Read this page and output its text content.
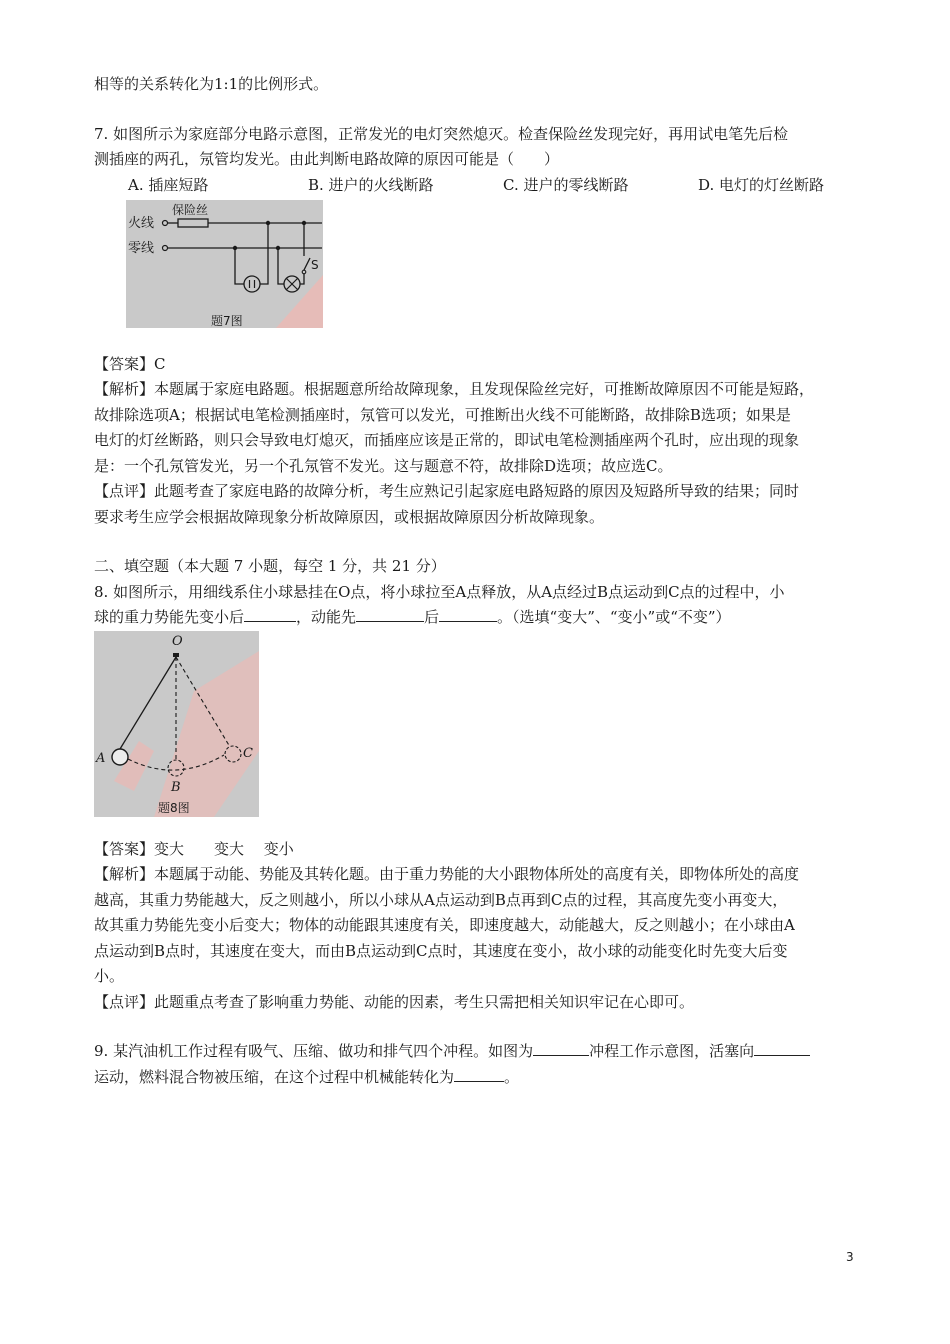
相等的关系转化为1:1的比例形式。

7. 如图所示为家庭部分电路示意图，正常发光的电灯突然熄灭。检查保险丝发现完好，再用试电笔先后检

测插座的两孔，氖管均发光。由此判断电路故障的原因可能是（　　）

A. 插座短路	B. 进户的火线断路	C. 进户的零线断路	D. 电灯的灯丝断路
火线
零线
保险丝
S
题7图

【答案】C

【解析】本题属于家庭电路题。根据题意所给故障现象，且发现保险丝完好，可推断故障原因不可能是短路，

故排除选项A；根据试电笔检测插座时，氖管可以发光，可推断出火线不可能断路，故排除B选项；如果是

电灯的灯丝断路，则只会导致电灯熄灭，而插座应该是正常的，即试电笔检测插座两个孔时，应出现的现象

是：一个孔氖管发光，另一个孔氖管不发光。这与题意不符，故排除D选项；故应选C。

【点评】此题考查了家庭电路的故障分析，考生应熟记引起家庭电路短路的原因及短路所导致的结果；同时

要求考生应学会根据故障现象分析故障原因，或根据故障原因分析故障现象。

二、填空题（本大题 7 小题，每空 1 分，共 21 分）

8. 如图所示，用细线系住小球悬挂在O点，将小球拉至A点释放，从A点经过B点运动到C点的过程中，小

球的重力势能先变小后	，动能先	后	。（选填“变大”、“变小”或“不变”）

O
A
B
C
题8图

【答案】变大　　变大　 变小

【解析】本题属于动能、势能及其转化题。由于重力势能的大小跟物体所处的高度有关，即物体所处的高度

越高，其重力势能越大，反之则越小，所以小球从A点运动到B点再到C点的过程，其高度先变小再变大，

故其重力势能先变小后变大；物体的动能跟其速度有关，即速度越大，动能越大，反之则越小；在小球由A

点运动到B点时，其速度在变大，而由B点运动到C点时，其速度在变小，故小球的动能变化时先变大后变

小。

【点评】此题重点考查了影响重力势能、动能的因素，考生只需把相关知识牢记在心即可。

9. 某汽油机工作过程有吸气、压缩、做功和排气四个冲程。如图为	冲程工作示意图，活塞向

运动，燃料混合物被压缩，在这个过程中机械能转化为	。

3
